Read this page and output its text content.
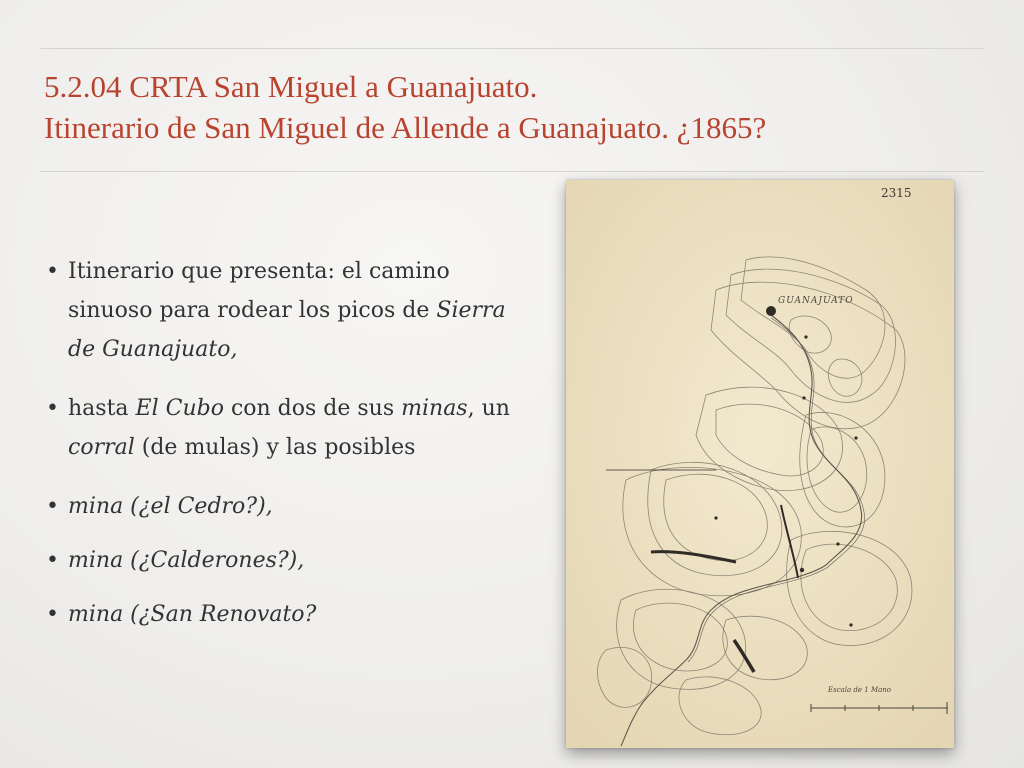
5.2.04 CRTA San Miguel a Guanajuato.
Itinerario de San Miguel de Allende a Guanajuato. ¿1865?
• Itinerario que presenta: el camino sinuoso para rodear los picos de Sierra de Guanajuato,
• hasta El Cubo con dos de sus minas, un corral (de mulas) y las posibles
• mina (¿el Cedro?),
• mina (¿Calderones?),
• mina (¿San Renovato?
2315
GUANAJUATO
Escala de 1 Mano
